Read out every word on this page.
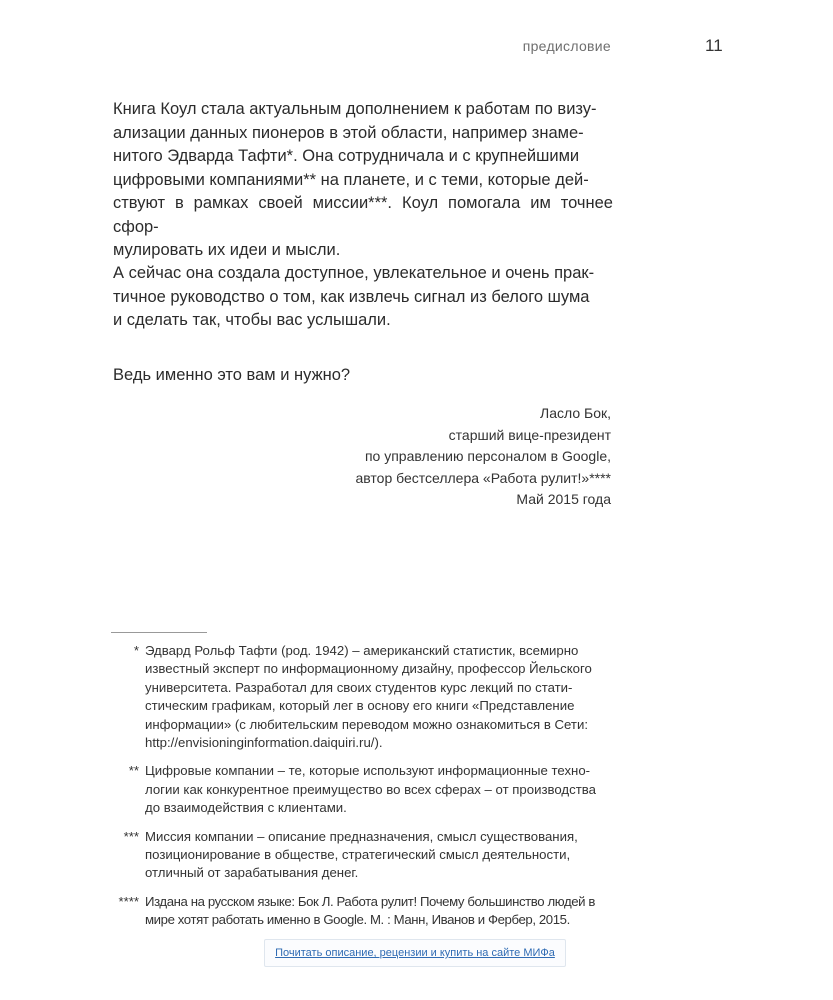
предисловие	11
Книга Коул стала актуальным дополнением к работам по визу-
ализации данных пионеров в этой области, например знаме-
нитого Эдварда Тафти*. Она сотрудничала и с крупнейшими
цифровыми компаниями** на планете, и с теми, которые дей-
ствуют в рамках своей миссии***. Коул помогала им точнее сфор-
мулировать их идеи и мысли.
А сейчас она создала доступное, увлекательное и очень прак-
тичное руководство о том, как извлечь сигнал из белого шума
и сделать так, чтобы вас услышали.
Ведь именно это вам и нужно?
Ласло Бок,
старший вице-президент
по управлению персоналом в Google,
автор бестселлера «Работа рулит!»****
Май 2015 года
* Эдвард Рольф Тафти (род. 1942) – американский статистик, всемирно
известный эксперт по информационному дизайну, профессор Йельского
университета. Разработал для своих студентов курс лекций по стати-
стическим графикам, который лег в основу его книги «Представление
информации» (с любительским переводом можно ознакомиться в Сети:
http://envisioninginformation.daiquiri.ru/).
** Цифровые компании – те, которые используют информационные техно-
логии как конкурентное преимущество во всех сферах – от производства
до взаимодействия с клиентами.
*** Миссия компании – описание предназначения, смысл существования,
позиционирование в обществе, стратегический смысл деятельности,
отличный от зарабатывания денег.
**** Издана на русском языке: Бок Л. Работа рулит! Почему большинство людей в
мире хотят работать именно в Google. М. : Манн, Иванов и Фербер, 2015.
Почитать описание, рецензии и купить на сайте МИФа
